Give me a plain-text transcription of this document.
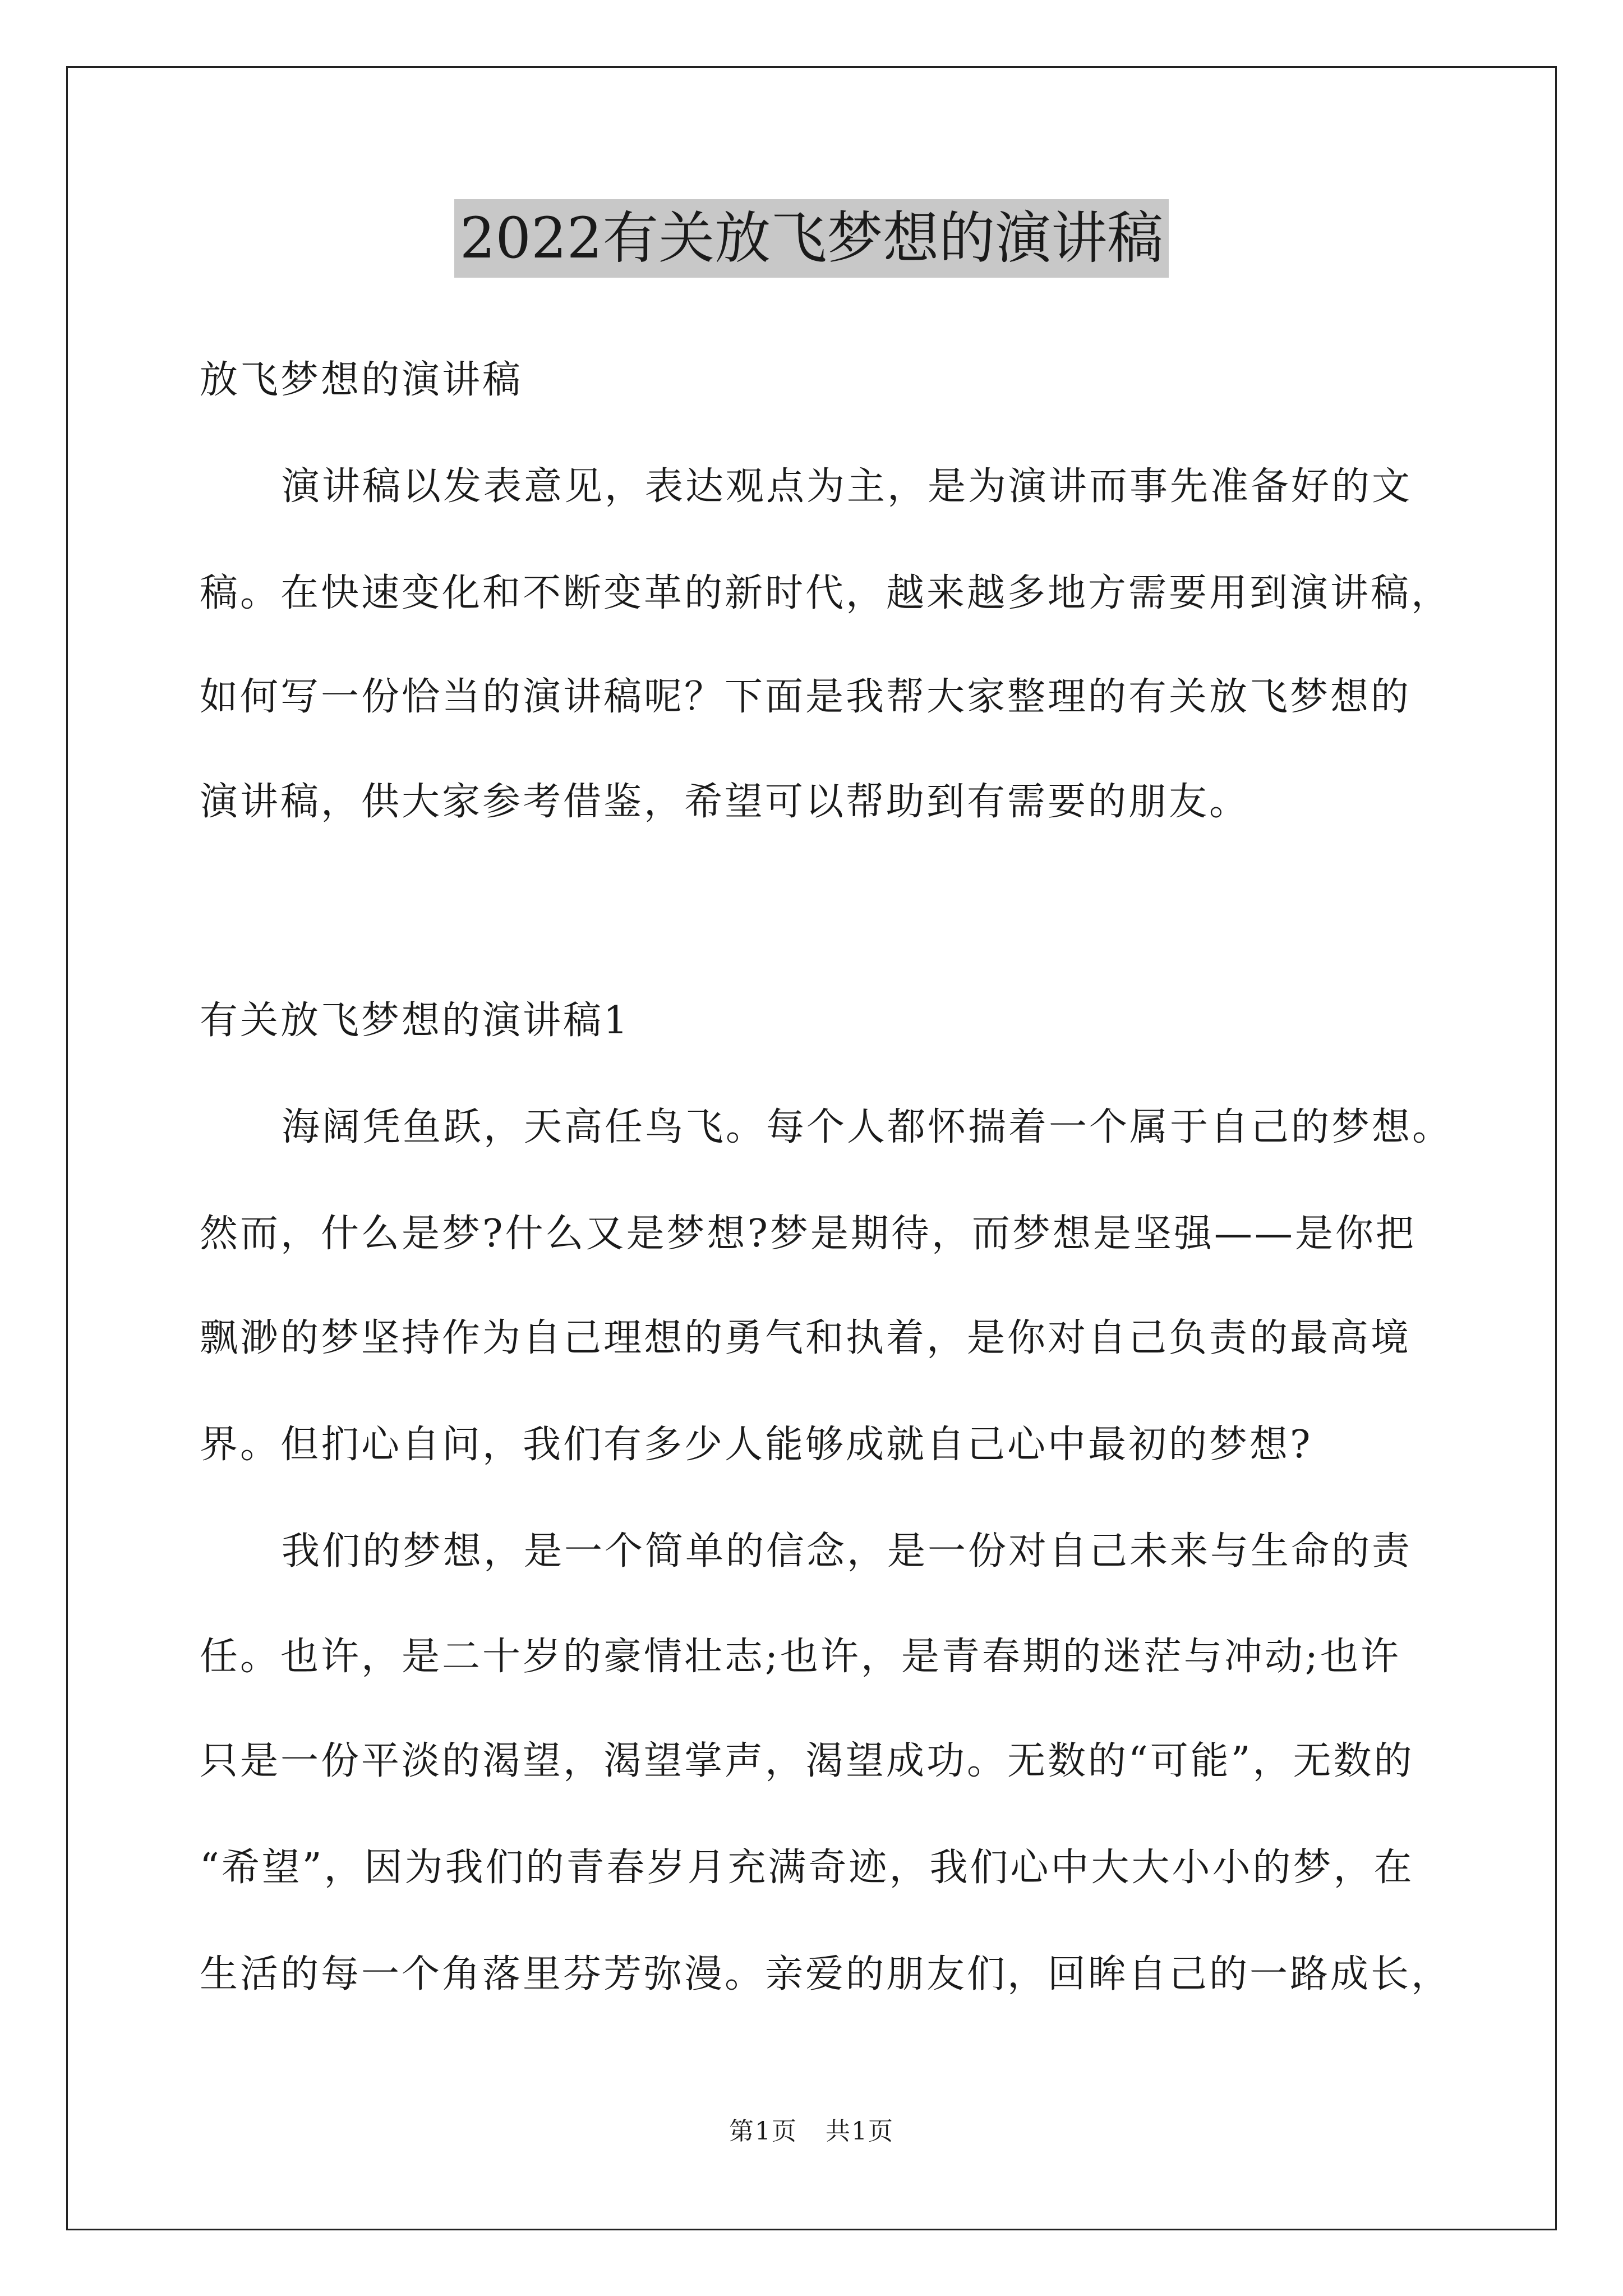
2022有关放飞梦想的演讲稿
放飞梦想的演讲稿
演讲稿以发表意见，表达观点为主，是为演讲而事先准备好的文
稿。在快速变化和不断变革的新时代，越来越多地方需要用到演讲稿，
如何写一份恰当的演讲稿呢？下面是我帮大家整理的有关放飞梦想的
演讲稿，供大家参考借鉴，希望可以帮助到有需要的朋友。
有关放飞梦想的演讲稿1
海阔凭鱼跃，天高任鸟飞。每个人都怀揣着一个属于自己的梦想。
然而，什么是梦?什么又是梦想?梦是期待，而梦想是坚强——是你把
飘渺的梦坚持作为自己理想的勇气和执着，是你对自己负责的最高境
界。但扪心自问，我们有多少人能够成就自己心中最初的梦想?
我们的梦想，是一个简单的信念，是一份对自己未来与生命的责
任。也许，是二十岁的豪情壮志;也许，是青春期的迷茫与冲动;也许
只是一份平淡的渴望，渴望掌声，渴望成功。无数的“可能”，无数的
“希望”，因为我们的青春岁月充满奇迹，我们心中大大小小的梦，在
生活的每一个角落里芬芳弥漫。亲爱的朋友们，回眸自己的一路成长，
第1页 共1页
